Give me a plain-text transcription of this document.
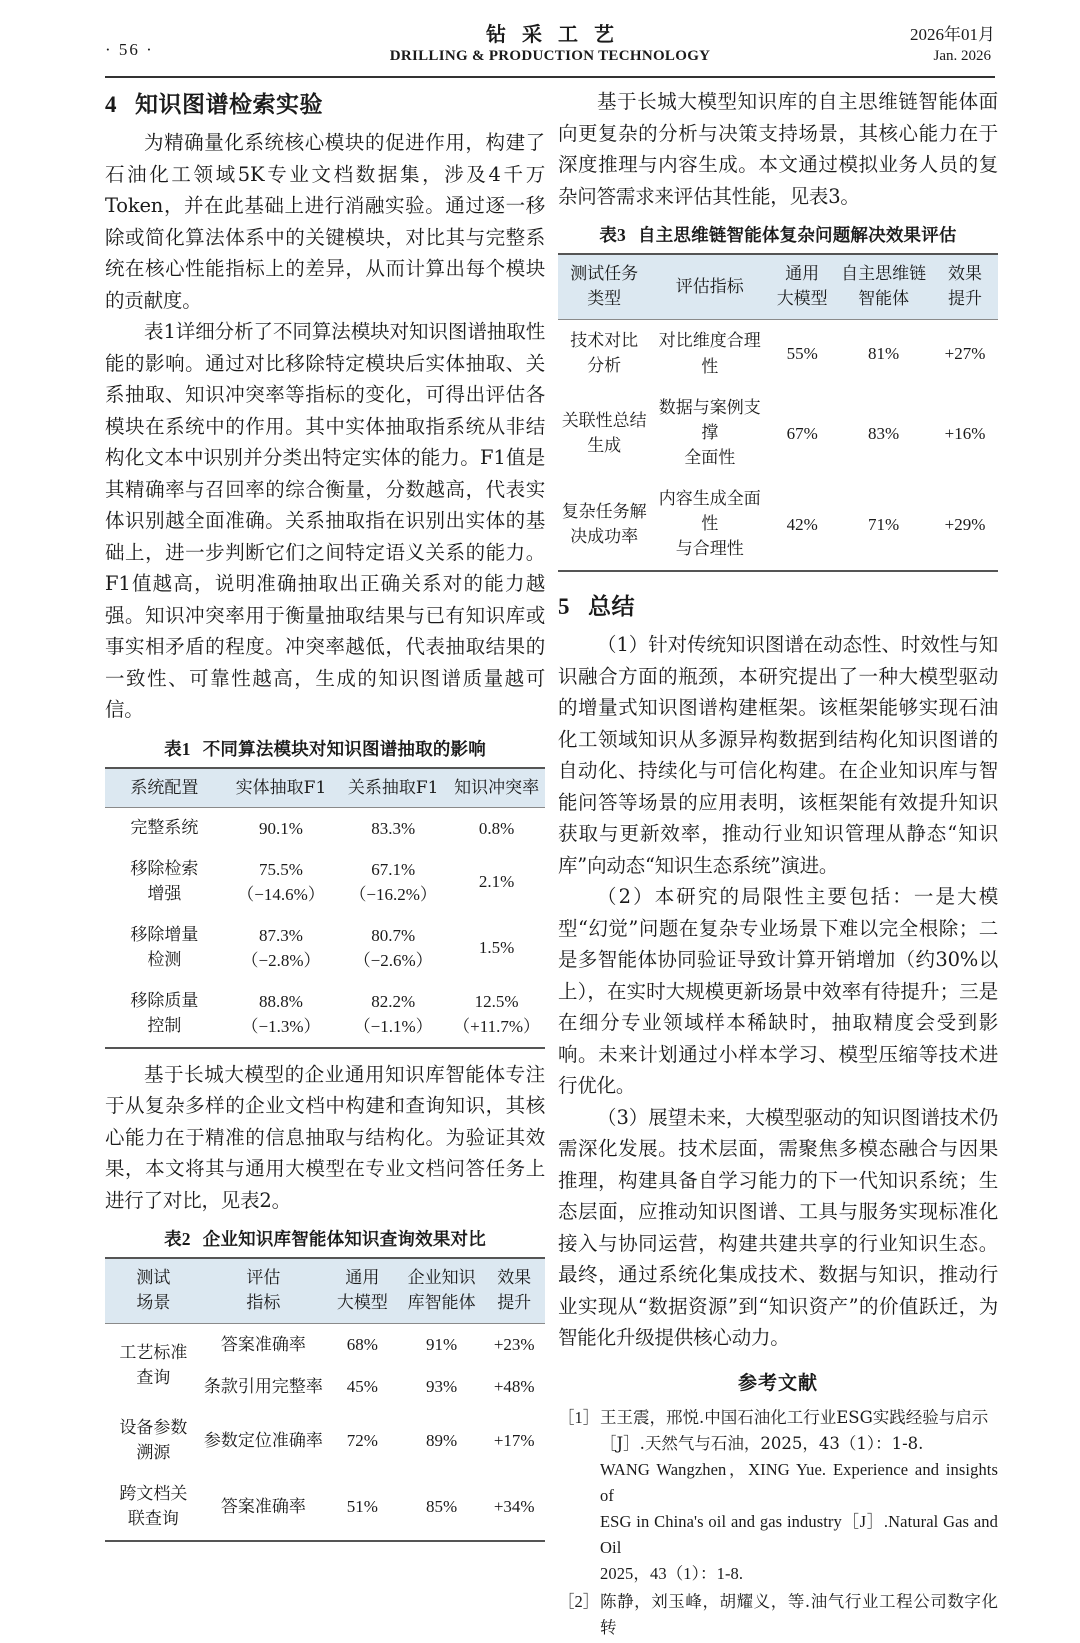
· 56 ·
钻采工艺
DRILLING & PRODUCTION TECHNOLOGY
2026年01月
Jan. 2026
4 知识图谱检索实验

为精确量化系统核心模块的促进作用，构建了石油化工领域5K专业文档数据集，涉及4千万Token，并在此基础上进行消融实验。通过逐一移除或简化算法体系中的关键模块，对比其与完整系统在核心性能指标上的差异，从而计算出每个模块的贡献度。

表1详细分析了不同算法模块对知识图谱抽取性能的影响。通过对比移除特定模块后实体抽取、关系抽取、知识冲突率等指标的变化，可得出评估各模块在系统中的作用。其中实体抽取指系统从非结构化文本中识别并分类出特定实体的能力。F1值是其精确率与召回率的综合衡量，分数越高，代表实体识别越全面准确。关系抽取指在识别出实体的基础上，进一步判断它们之间特定语义关系的能力。F1值越高，说明准确抽取出正确关系对的能力越强。知识冲突率用于衡量抽取结果与已有知识库或事实相矛盾的程度。冲突率越低，代表抽取结果的一致性、可靠性越高，生成的知识图谱质量越可信。

表1 不同算法模块对知识图谱抽取的影响
系统配置	实体抽取F1	关系抽取F1	知识冲突率

完整系统	90.1%	83.3%	0.8%

移除检索
增强	75.5%
（−14.6%）	67.1%
（−16.2%）	2.1%

移除增量
检测	87.3%
（−2.8%）	80.7%
（−2.6%）	1.5%

移除质量
控制	88.8%
（−1.3%）	82.2%
（−1.1%）	12.5%
（+11.7%）

基于长城大模型的企业通用知识库智能体专注于从复杂多样的企业文档中构建和查询知识，其核心能力在于精准的信息抽取与结构化。为验证其效果，本文将其与通用大模型在专业文档问答任务上进行了对比，见表2。

表2 企业知识库智能体知识查询效果对比
测试
场景	评估
指标	通用
大模型	企业知识
库智能体	效果
提升

工艺标准
查询	答案准确率	68%	91%	+23%
	条款引用完整率	45%	93%	+48%

设备参数
溯源	参数定位准确率	72%	89%	+17%

跨文档关
联查询	答案准确率	51%	85%	+34%

基于长城大模型知识库的自主思维链智能体面向更复杂的分析与决策支持场景，其核心能力在于深度推理与内容生成。本文通过模拟业务人员的复杂问答需求来评估其性能，见表3。

表3 自主思维链智能体复杂问题解决效果评估
测试任务
类型	评估指标	通用
大模型	自主思维链
智能体	效果
提升

技术对比
分析	对比维度合理性	55%	81%	+27%

关联性总结
生成	数据与案例支撑
全面性	67%	83%	+16%

复杂任务解
决成功率	内容生成全面性
与合理性	42%	71%	+29%
5 总结

（1）针对传统知识图谱在动态性、时效性与知识融合方面的瓶颈，本研究提出了一种大模型驱动的增量式知识图谱构建框架。该框架能够实现石油化工领域知识从多源异构数据到结构化知识图谱的自动化、持续化与可信化构建。在企业知识库与智能问答等场景的应用表明，该框架能有效提升知识获取与更新效率，推动行业知识管理从静态“知识库”向动态“知识生态系统”演进。

（2）本研究的局限性主要包括：一是大模型“幻觉”问题在复杂专业场景下难以完全根除；二是多智能体协同验证导致计算开销增加（约30%以上），在实时大规模更新场景中效率有待提升；三是在细分专业领域样本稀缺时，抽取精度会受到影响。未来计划通过小样本学习、模型压缩等技术进行优化。

（3）展望未来，大模型驱动的知识图谱技术仍需深化发展。技术层面，需聚焦多模态融合与因果推理，构建具备自学习能力的下一代知识系统；生态层面，应推动知识图谱、工具与服务实现标准化接入与协同运营，构建共建共享的行业知识生态。最终，通过系统化集成技术、数据与知识，推动行业实现从“数据资源”到“知识资产”的价值跃迁，为智能化升级提供核心动力。

参考文献
［1］ 王王震，邢悦.中国石油化工行业ESG实践经验与启示
［J］.天然气与石油，2025，43（1）：1-8.
WANG Wangzhen，XING Yue. Experience and insights of
ESG in China's oil and gas industry［J］.Natural Gas and Oil
2025，43（1）：1-8.
［2］ 陈静，刘玉峰，胡耀义，等.油气行业工程公司数字化转
